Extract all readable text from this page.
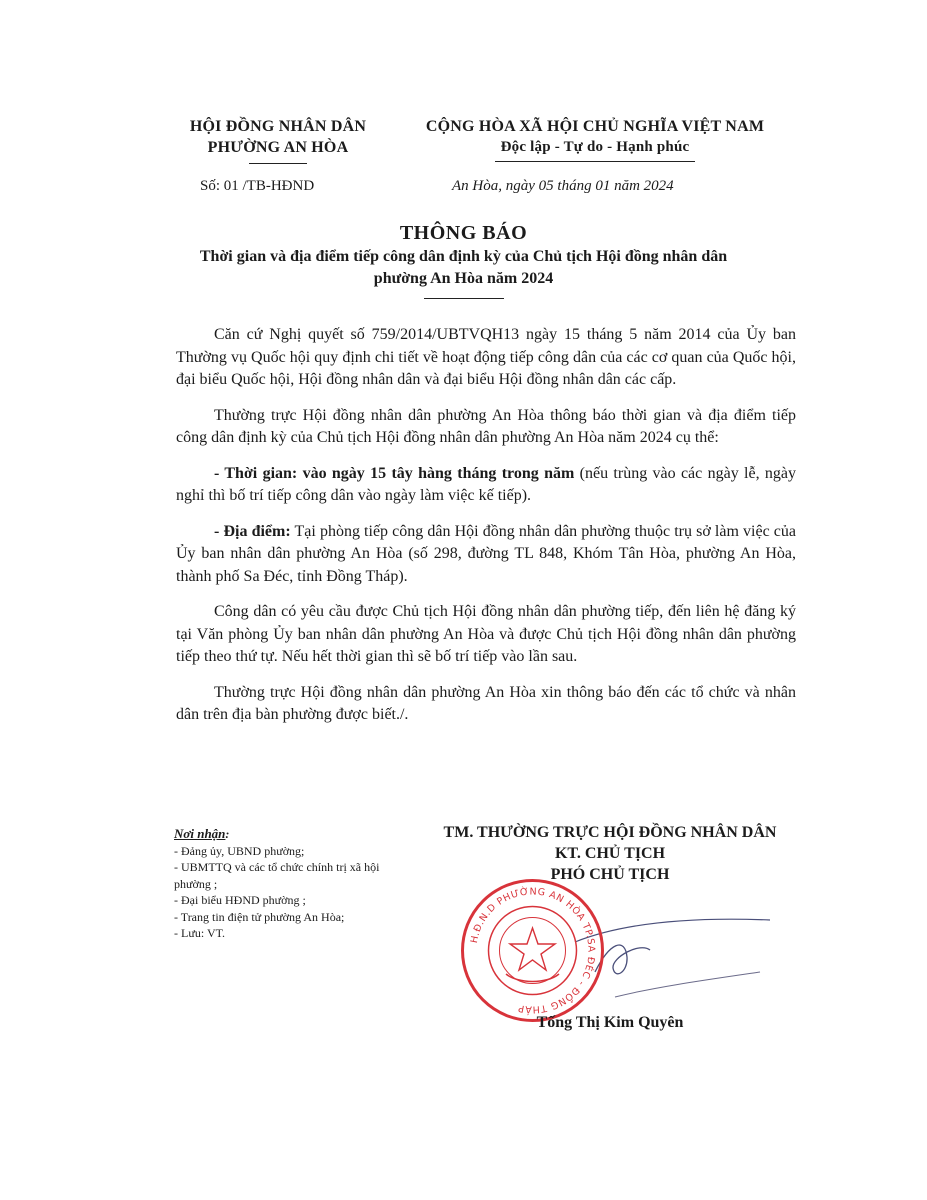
HỘI ĐỒNG NHÂN DÂN
PHƯỜNG AN HÒA
CỘNG HÒA XÃ HỘI CHỦ NGHĨA VIỆT NAM
Độc lập - Tự do - Hạnh phúc
Số: 01 /TB-HĐND	An Hòa, ngày 05 tháng 01 năm 2024
THÔNG BÁO
Thời gian và địa điểm tiếp công dân định kỳ của Chủ tịch Hội đồng nhân dân
phường An Hòa năm 2024

Căn cứ Nghị quyết số 759/2014/UBTVQH13 ngày 15 tháng 5 năm 2014 của Ủy ban Thường vụ Quốc hội quy định chi tiết về hoạt động tiếp công dân của các cơ quan của Quốc hội, đại biểu Quốc hội, Hội đồng nhân dân và đại biểu Hội đồng nhân dân các cấp.

Thường trực Hội đồng nhân dân phường An Hòa thông báo thời gian và địa điểm tiếp công dân định kỳ của Chủ tịch Hội đồng nhân dân phường An Hòa năm 2024 cụ thể:

- Thời gian: vào ngày 15 tây hàng tháng trong năm (nếu trùng vào các ngày lễ, ngày nghỉ thì bố trí tiếp công dân vào ngày làm việc kế tiếp).

- Địa điểm: Tại phòng tiếp công dân Hội đồng nhân dân phường thuộc trụ sở làm việc của Ủy ban nhân dân phường An Hòa (số 298, đường TL 848, Khóm Tân Hòa, phường An Hòa, thành phố Sa Đéc, tỉnh Đồng Tháp).

Công dân có yêu cầu được Chủ tịch Hội đồng nhân dân phường tiếp, đến liên hệ đăng ký tại Văn phòng Ủy ban nhân dân phường An Hòa và được Chủ tịch Hội đồng nhân dân phường tiếp theo thứ tự. Nếu hết thời gian thì sẽ bố trí tiếp vào lần sau.

Thường trực Hội đồng nhân dân phường An Hòa xin thông báo đến các tổ chức và nhân dân trên địa bàn phường được biết./.

Nơi nhận:
- Đảng ủy, UBND phường;
- UBMTTQ và các tổ chức chính trị xã hội phường ;
- Đại biểu HĐND phường ;
- Trang tin điện tử phường An Hòa;
- Lưu: VT.
TM. THƯỜNG TRỰC HỘI ĐỒNG NHÂN DÂN
KT. CHỦ TỊCH
PHÓ CHỦ TỊCH
H.Đ.N.D PHƯỜNG AN HÒA TP.SA ĐÉC - ĐỒNG THÁP
Tống Thị Kim Quyên
